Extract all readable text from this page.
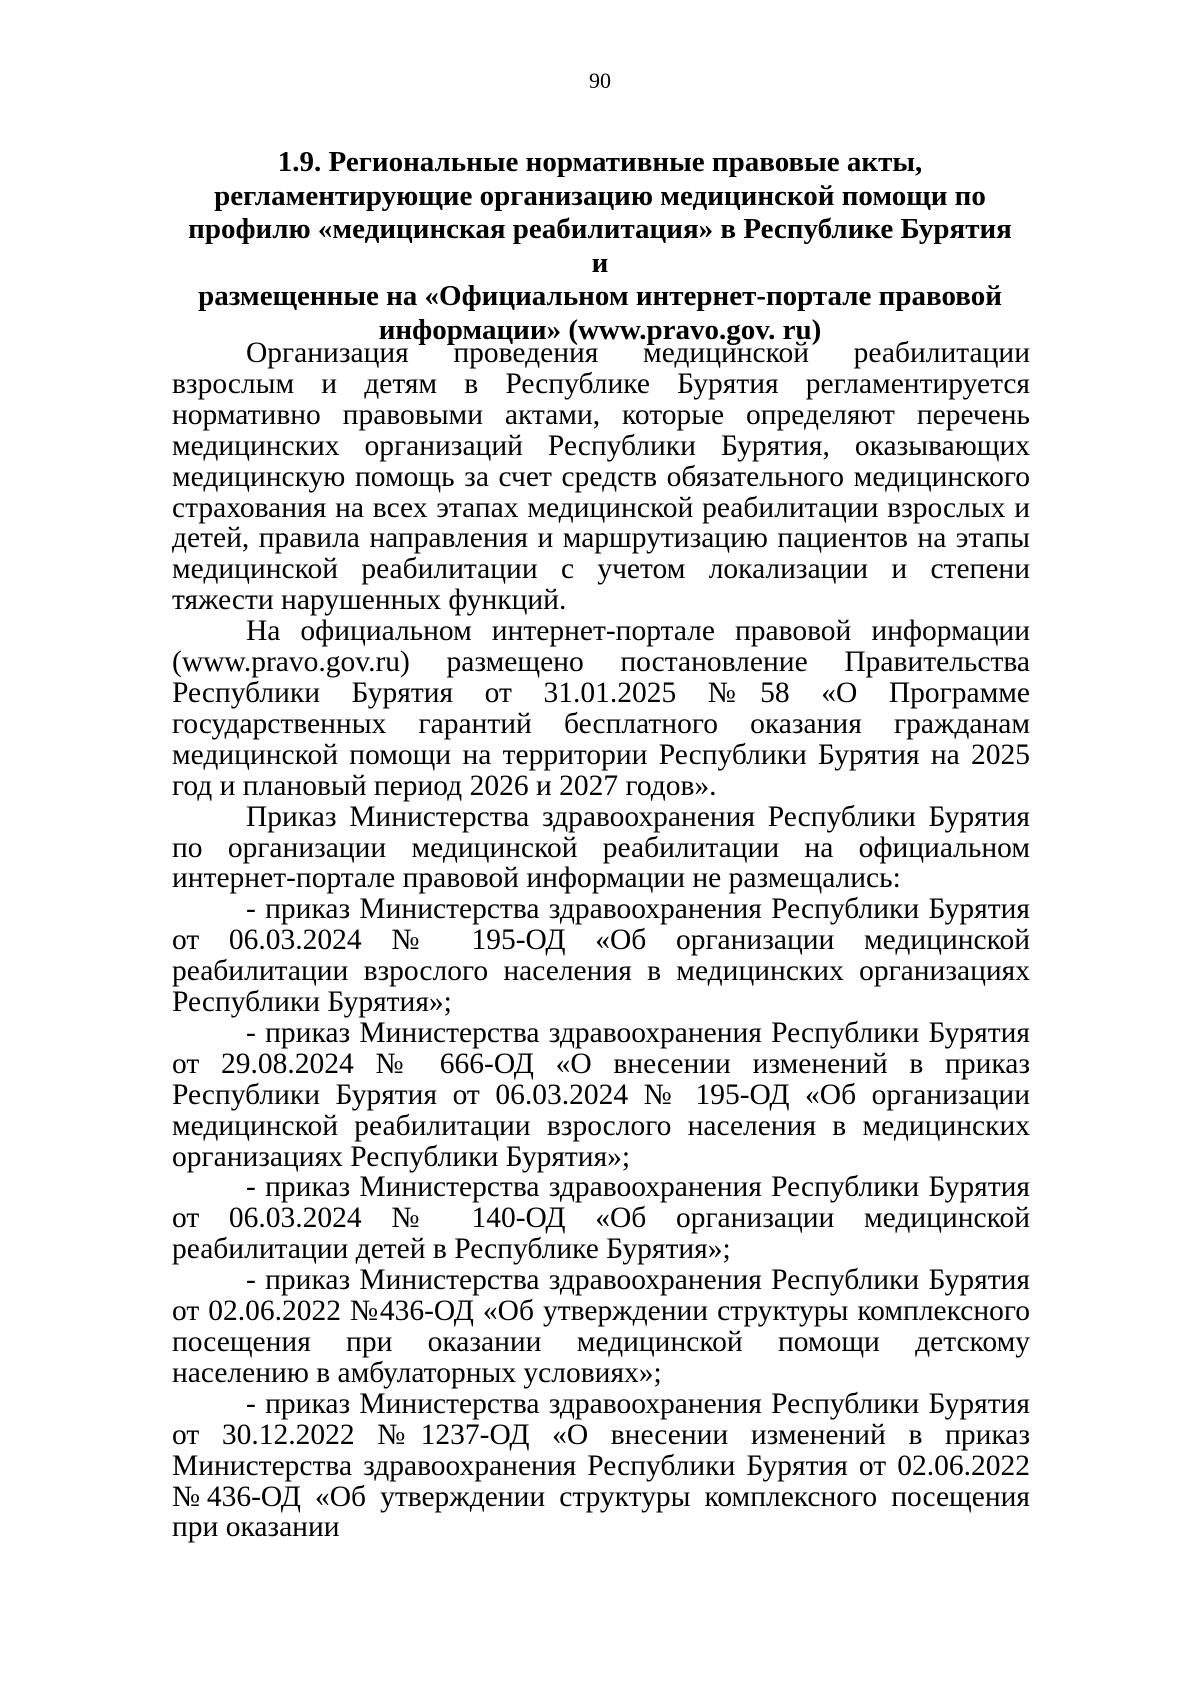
90
1.9. Региональные нормативные правовые акты,
регламентирующие организацию медицинской помощи по
профилю «медицинская реабилитация» в Республике Бурятия и
размещенные на «Официальном интернет-портале правовой
информации» (www.pravo.gov. ru)

Организация проведения медицинской реабилитации взрослым и детям в Республике Бурятия регламентируется нормативно правовыми актами, которые определяют перечень медицинских организаций Республики Бурятия, оказывающих медицинскую помощь за счет средств обязательного медицинского страхования на всех этапах медицинской реабилитации взрослых и детей, правила направления и маршрутизацию пациентов на этапы медицинской реабилитации с учетом локализации и степени тяжести нарушенных функций.

На официальном интернет-портале правовой информации (www.pravo.gov.ru) размещено постановление Правительства Республики Бурятия от 31.01.2025 №58 «О Программе государственных гарантий бесплатного оказания гражданам медицинской помощи на территории Республики Бурятия на 2025 год и плановый период 2026 и 2027 годов».

Приказ Министерства здравоохранения Республики Бурятия по организации медицинской реабилитации на официальном интернет-портале правовой информации не размещались:

- приказ Министерства здравоохранения Республики Бурятия от 06.03.2024 № 195-ОД «Об организации медицинской реабилитации взрослого населения в медицинских организациях Республики Бурятия»;

- приказ Министерства здравоохранения Республики Бурятия от 29.08.2024 № 666-ОД «О внесении изменений в приказ Республики Бурятия от 06.03.2024 № 195-ОД «Об организации медицинской реабилитации взрослого населения в медицинских организациях Республики Бурятия»;

- приказ Министерства здравоохранения Республики Бурятия от 06.03.2024 № 140-ОД «Об организации медицинской реабилитации детей в Республике Бурятия»;

- приказ Министерства здравоохранения Республики Бурятия от 02.06.2022 №436-ОД «Об утверждении структуры комплексного посещения при оказании медицинской помощи детскому населению в амбулаторных условиях»;

- приказ Министерства здравоохранения Республики Бурятия от 30.12.2022 №1237-ОД «О внесении изменений в приказ Министерства здравоохранения Республики Бурятия от 02.06.2022 №436-ОД «Об утверждении структуры комплексного посещения при оказании
